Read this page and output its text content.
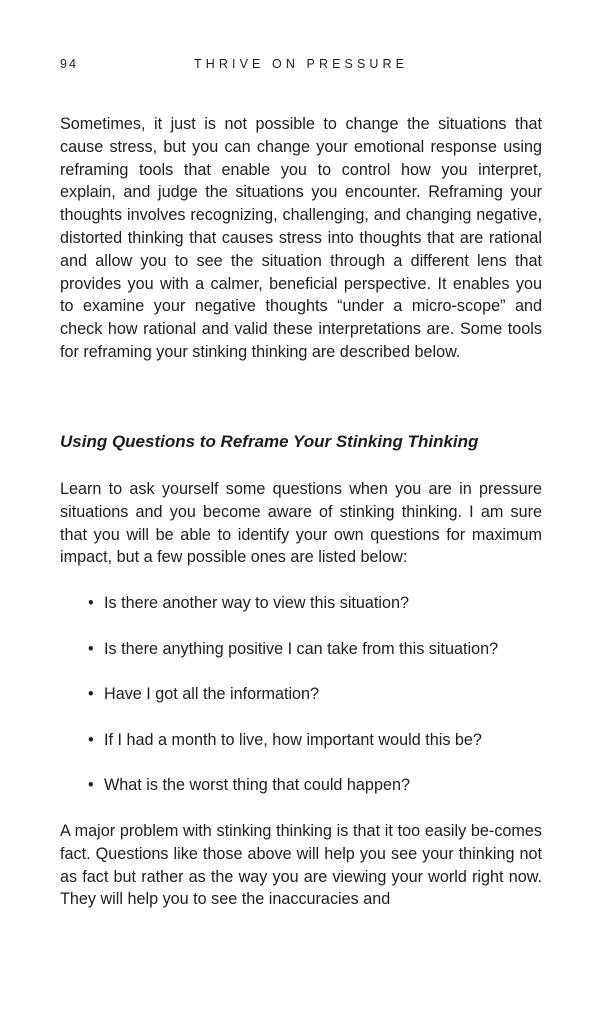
94	THRIVE ON PRESSURE

Sometimes, it just is not possible to change the situations that cause stress, but you can change your emotional response using reframing tools that enable you to control how you interpret, explain, and judge the situations you encounter. Reframing your thoughts involves recognizing, challenging, and changing negative, distorted thinking that causes stress into thoughts that are rational and allow you to see the situation through a different lens that provides you with a calmer, beneficial perspective. It enables you to examine your negative thoughts “under a micro-scope” and check how rational and valid these interpretations are. Some tools for reframing your stinking thinking are described below.

Using Questions to Reframe Your Stinking Thinking

Learn to ask yourself some questions when you are in pressure situations and you become aware of stinking thinking. I am sure that you will be able to identify your own questions for maximum impact, but a few possible ones are listed below:

• Is there another way to view this situation?
• Is there anything positive I can take from this situation?
• Have I got all the information?
• If I had a month to live, how important would this be?
• What is the worst thing that could happen?

A major problem with stinking thinking is that it too easily be-comes fact. Questions like those above will help you see your thinking not as fact but rather as the way you are viewing your world right now. They will help you to see the inaccuracies and
